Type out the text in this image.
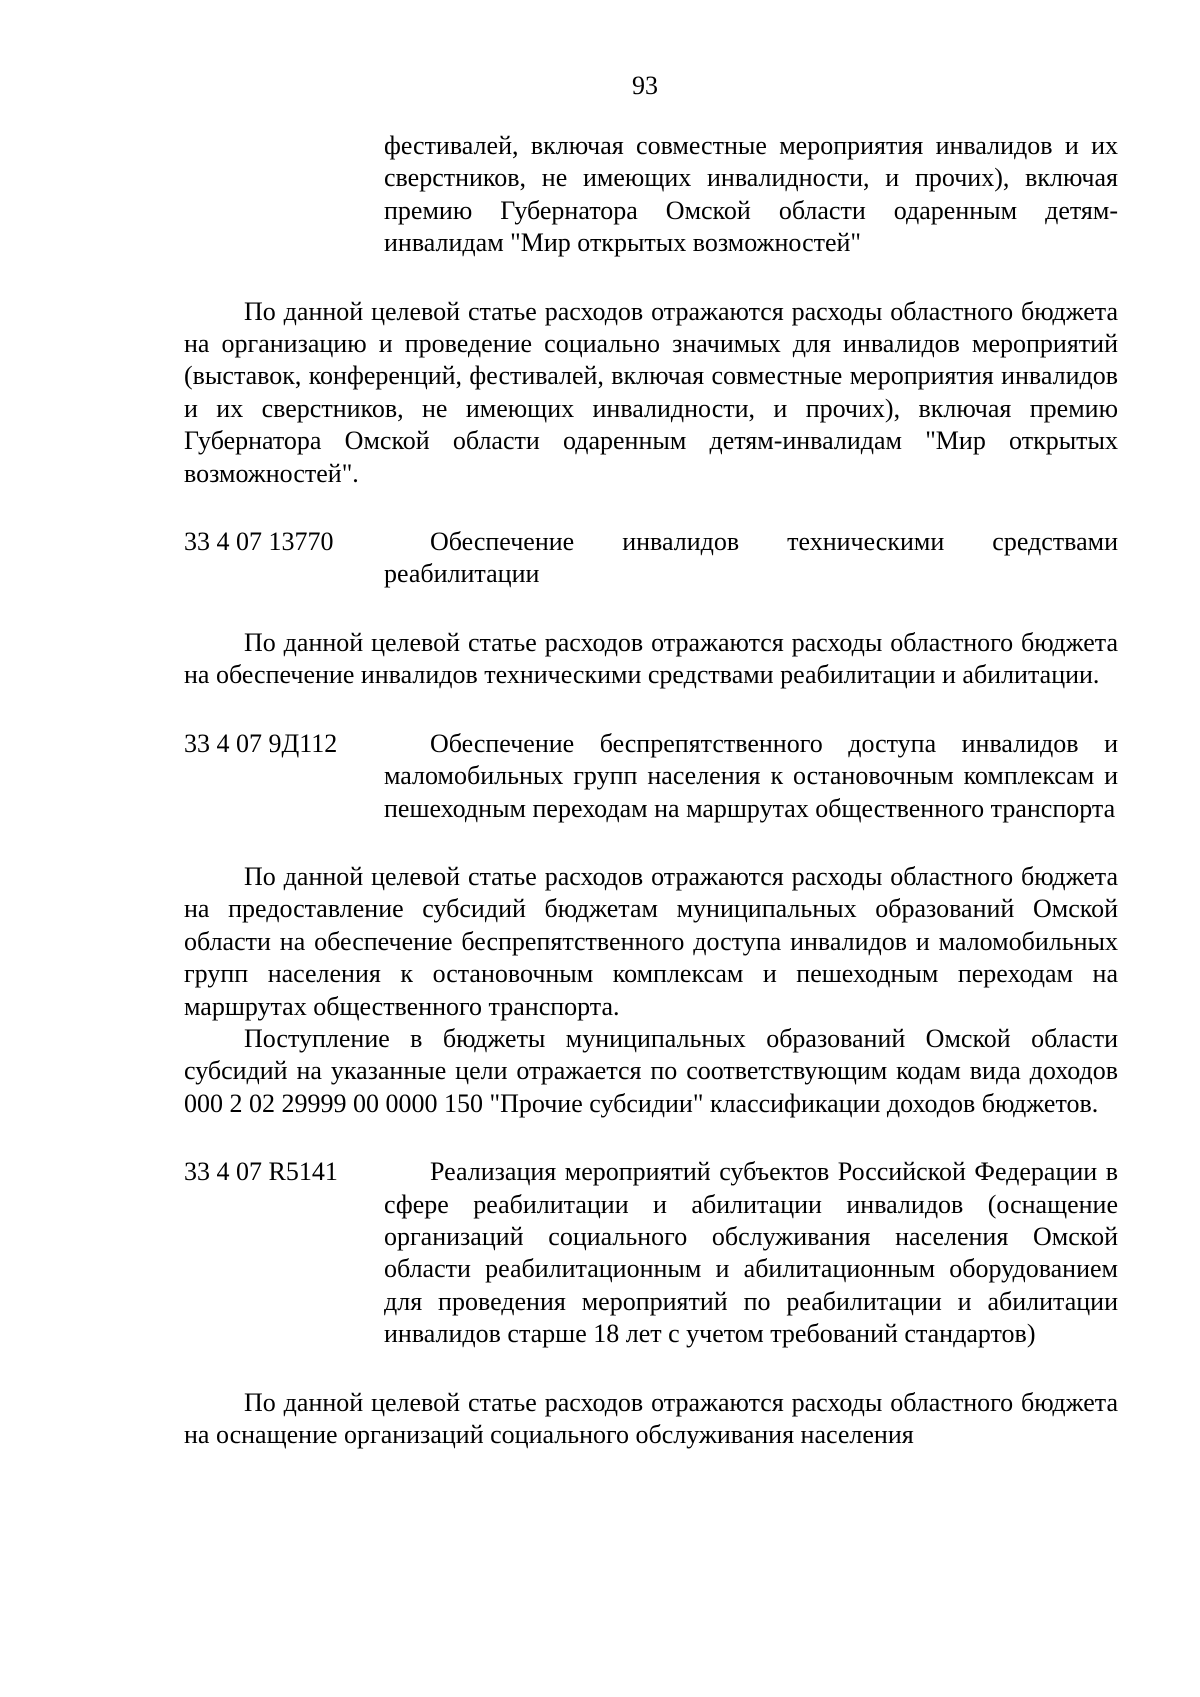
93
фестивалей, включая совместные мероприятия инвалидов и их сверстников, не имеющих инвалидности, и прочих), включая премию Губернатора Омской области одаренным детям-инвалидам "Мир открытых возможностей"

По данной целевой статье расходов отражаются расходы областного бюджета на организацию и проведение социально значимых для инвалидов мероприятий (выставок, конференций, фестивалей, включая совместные мероприятия инвалидов и их сверстников, не имеющих инвалидности, и прочих), включая премию Губернатора Омской области одаренным детям-инвалидам "Мир открытых возможностей".

33 4 07 13770	Обеспечение инвалидов техническими средствами реабилитации

По данной целевой статье расходов отражаются расходы областного бюджета на обеспечение инвалидов техническими средствами реабилитации и абилитации.

33 4 07 9Д112	Обеспечение беспрепятственного доступа инвалидов и маломобильных групп населения к остановочным комплексам и пешеходным переходам на маршрутах общественного транспорта

По данной целевой статье расходов отражаются расходы областного бюджета на предоставление субсидий бюджетам муниципальных образований Омской области на обеспечение беспрепятственного доступа инвалидов и маломобильных групп населения к остановочным комплексам и пешеходным переходам на маршрутах общественного транспорта.

Поступление в бюджеты муниципальных образований Омской области субсидий на указанные цели отражается по соответствующим кодам вида доходов 000 2 02 29999 00 0000 150 "Прочие субсидии" классификации доходов бюджетов.

33 4 07 R5141	Реализация мероприятий субъектов Российской Федерации в сфере реабилитации и абилитации инвалидов (оснащение организаций социального обслуживания населения Омской области реабилитационным и абилитационным оборудованием для проведения мероприятий по реабилитации и абилитации инвалидов старше 18 лет с учетом требований стандартов)

По данной целевой статье расходов отражаются расходы областного бюджета на оснащение организаций социального обслуживания населения
